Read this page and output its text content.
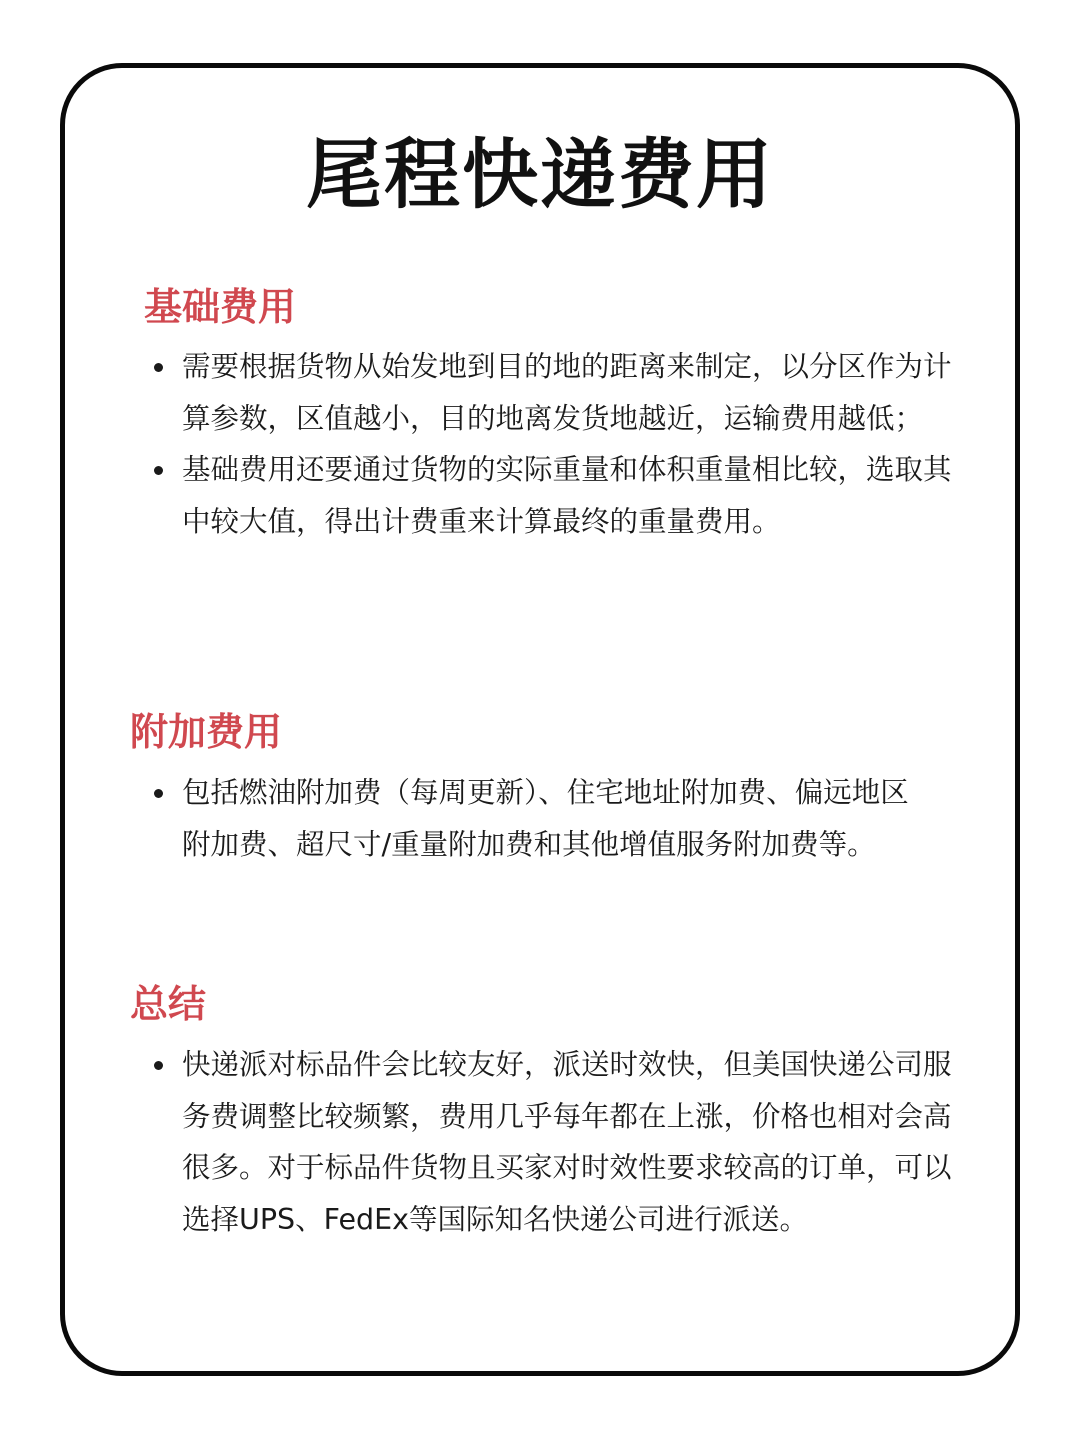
尾程快递费用
基础费用
需要根据货物从始发地到目的地的距离来制定，以分区作为计算参数，区值越小，目的地离发货地越近，运输费用越低；
基础费用还要通过货物的实际重量和体积重量相比较，选取其中较大值，得出计费重来计算最终的重量费用。
附加费用
包括燃油附加费（每周更新）、住宅地址附加费、偏远地区附加费、超尺寸/重量附加费和其他增值服务附加费等。
总结
快递派对标品件会比较友好，派送时效快，但美国快递公司服务费调整比较频繁，费用几乎每年都在上涨，价格也相对会高很多。对于标品件货物且买家对时效性要求较高的订单，可以选择UPS、FedEx等国际知名快递公司进行派送。
